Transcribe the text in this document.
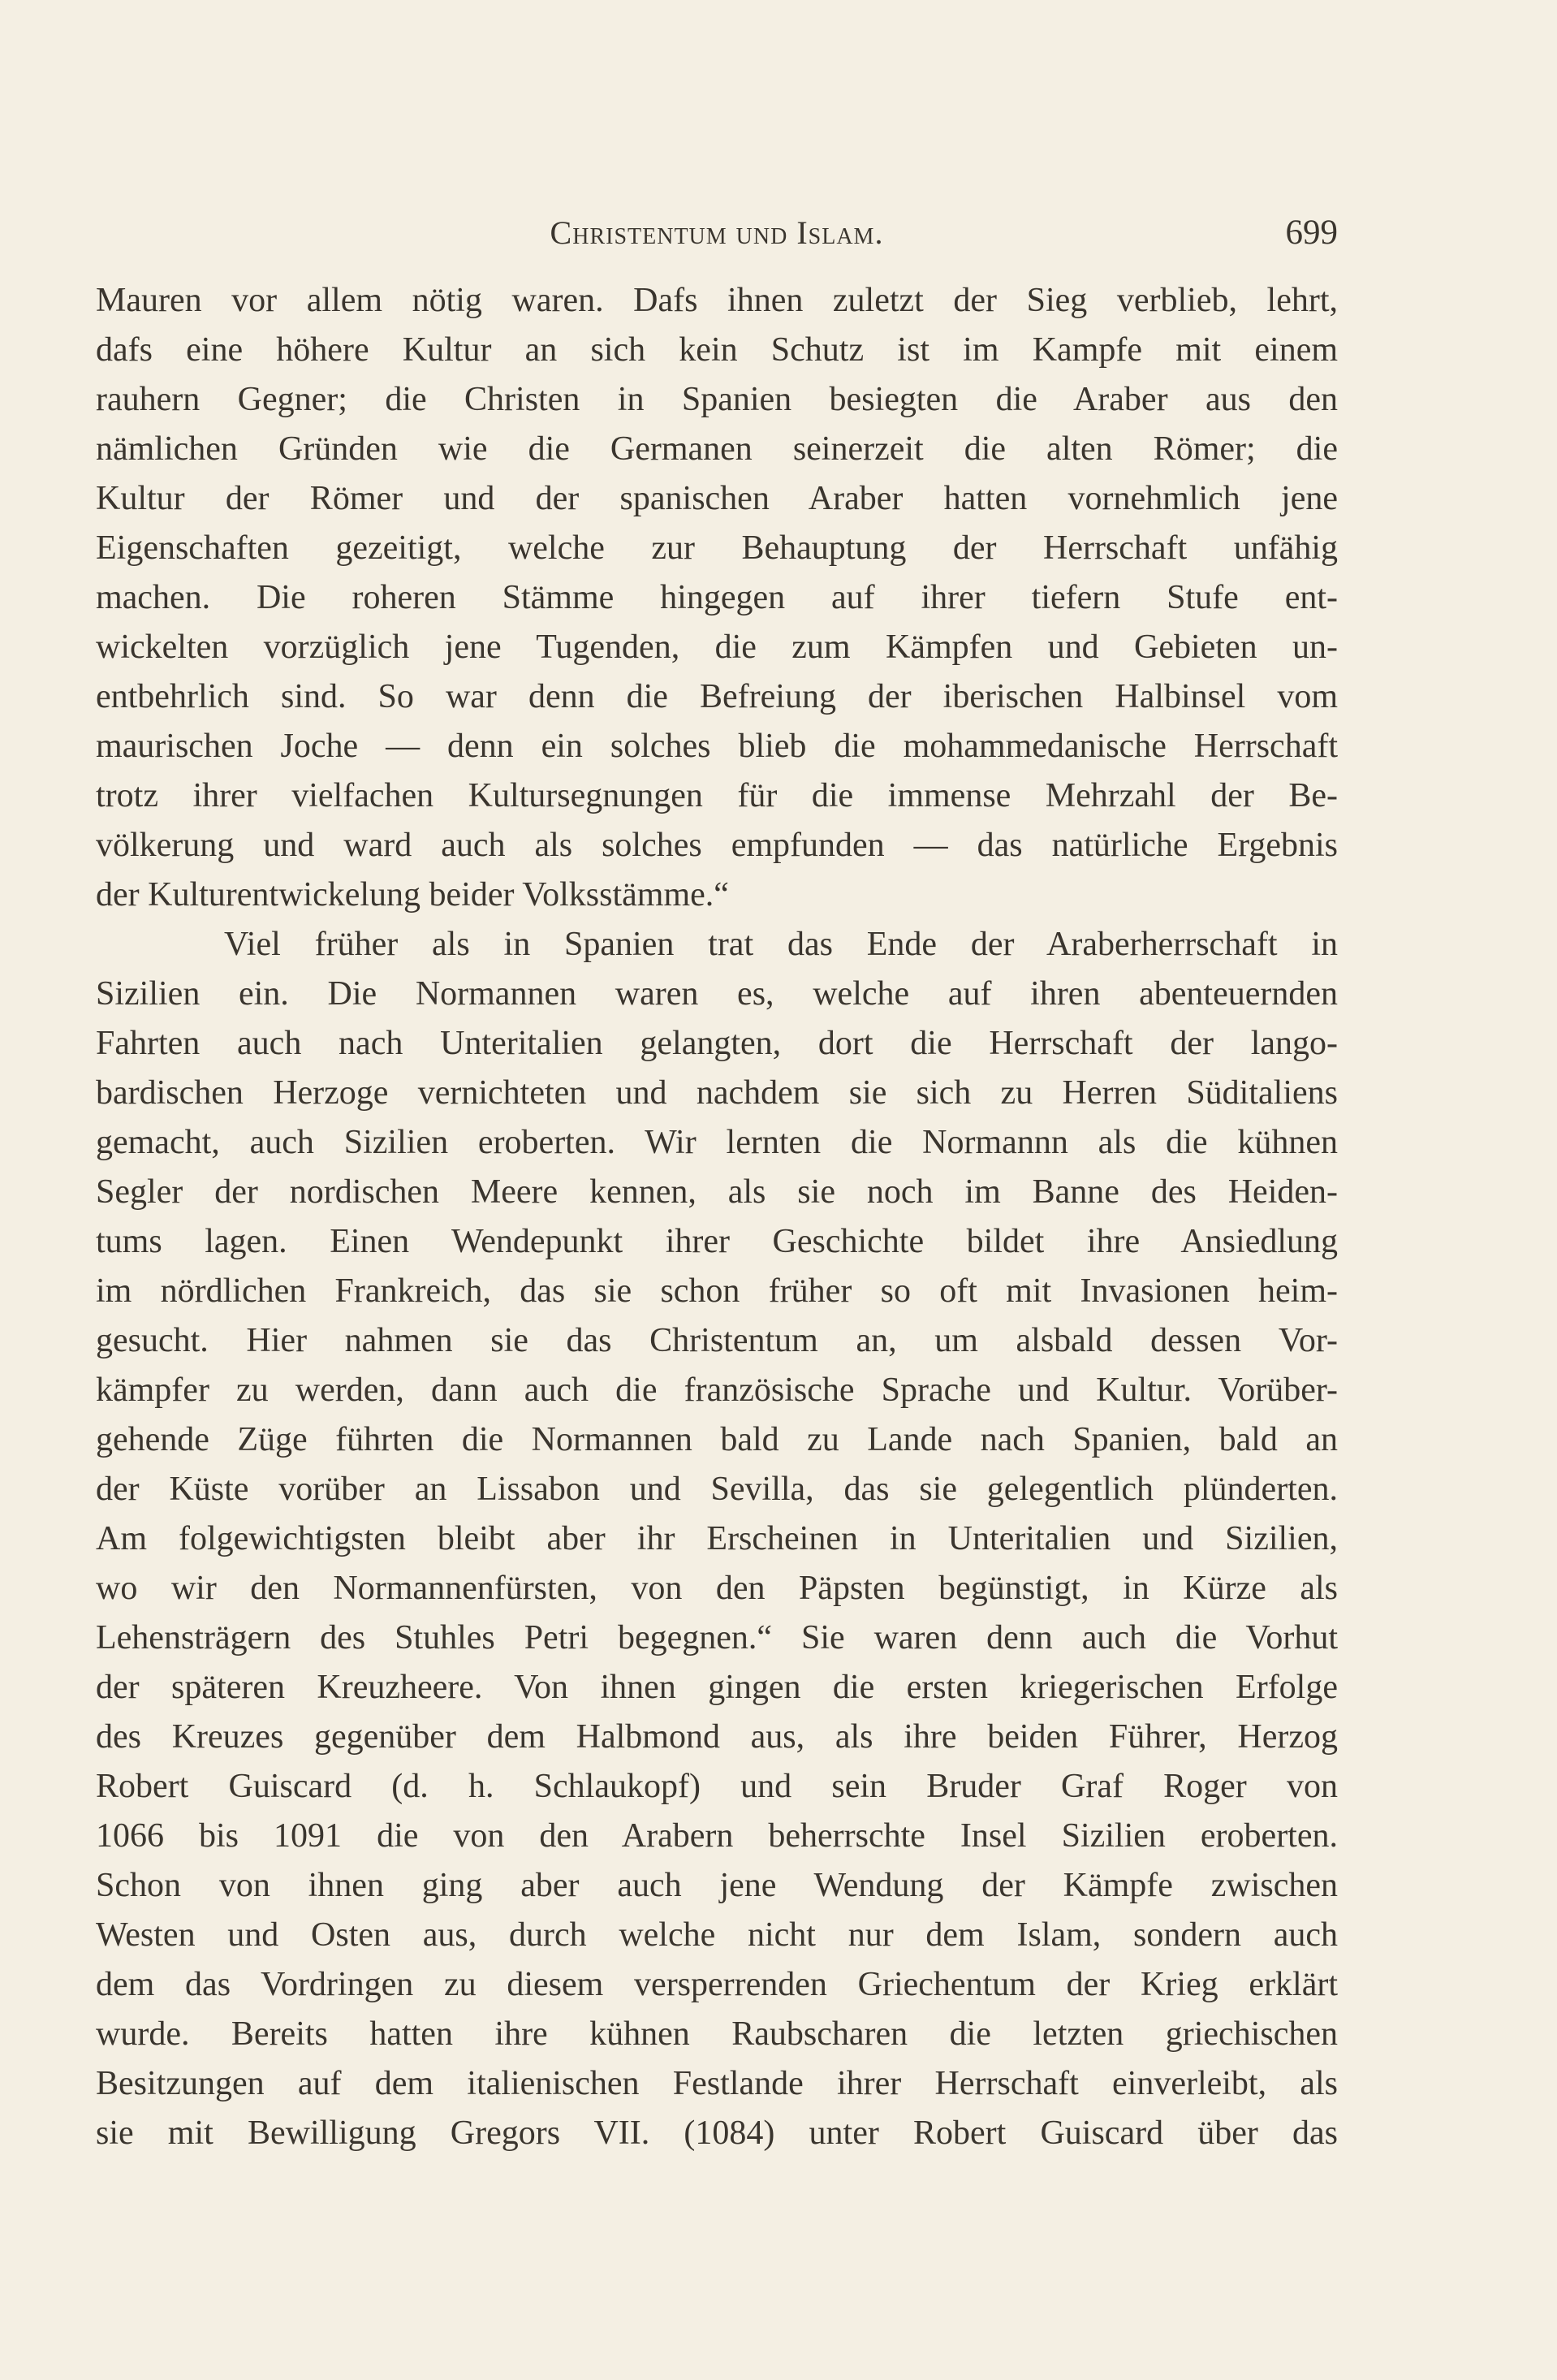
Christentum und Islam.	699
Mauren vor allem nötig waren. Dafs ihnen zuletzt der Sieg verblieb, lehrt,
dafs eine höhere Kultur an sich kein Schutz ist im Kampfe mit einem
rauhern Gegner; die Christen in Spanien besiegten die Araber aus den
nämlichen Gründen wie die Germanen seinerzeit die alten Römer; die
Kultur der Römer und der spanischen Araber hatten vornehmlich jene
Eigenschaften gezeitigt, welche zur Behauptung der Herrschaft unfähig
machen. Die roheren Stämme hingegen auf ihrer tiefern Stufe ent-
wickelten vorzüglich jene Tugenden, die zum Kämpfen und Gebieten un-
entbehrlich sind. So war denn die Befreiung der iberischen Halbinsel vom
maurischen Joche — denn ein solches blieb die mohammedanische Herrschaft
trotz ihrer vielfachen Kultursegnungen für die immense Mehrzahl der Be-
völkerung und ward auch als solches empfunden — das natürliche Ergebnis
der Kulturentwickelung beider Volksstämme.“
Viel früher als in Spanien trat das Ende der Araberherrschaft in
Sizilien ein. Die Normannen waren es, welche auf ihren abenteuernden
Fahrten auch nach Unteritalien gelangten, dort die Herrschaft der lango-
bardischen Herzoge vernichteten und nachdem sie sich zu Herren Süditaliens
gemacht, auch Sizilien eroberten. Wir lernten die Normannn als die kühnen
Segler der nordischen Meere kennen, als sie noch im Banne des Heiden-
tums lagen. Einen Wendepunkt ihrer Geschichte bildet ihre Ansiedlung
im nördlichen Frankreich, das sie schon früher so oft mit Invasionen heim-
gesucht. Hier nahmen sie das Christentum an, um alsbald dessen Vor-
kämpfer zu werden, dann auch die französische Sprache und Kultur. Vorüber-
gehende Züge führten die Normannen bald zu Lande nach Spanien, bald an
der Küste vorüber an Lissabon und Sevilla, das sie gelegentlich plünderten.
Am folgewichtigsten bleibt aber ihr Erscheinen in Unteritalien und Sizilien,
wo wir den Normannenfürsten, von den Päpsten begünstigt, in Kürze als
Lehensträgern des Stuhles Petri begegnen.“ Sie waren denn auch die Vorhut
der späteren Kreuzheere. Von ihnen gingen die ersten kriegerischen Erfolge
des Kreuzes gegenüber dem Halbmond aus, als ihre beiden Führer, Herzog
Robert Guiscard (d. h. Schlaukopf) und sein Bruder Graf Roger von
1066 bis 1091 die von den Arabern beherrschte Insel Sizilien eroberten.
Schon von ihnen ging aber auch jene Wendung der Kämpfe zwischen
Westen und Osten aus, durch welche nicht nur dem Islam, sondern auch
dem das Vordringen zu diesem versperrenden Griechentum der Krieg erklärt
wurde. Bereits hatten ihre kühnen Raubscharen die letzten griechischen
Besitzungen auf dem italienischen Festlande ihrer Herrschaft einverleibt, als
sie mit Bewilligung Gregors VII. (1084) unter Robert Guiscard über das
